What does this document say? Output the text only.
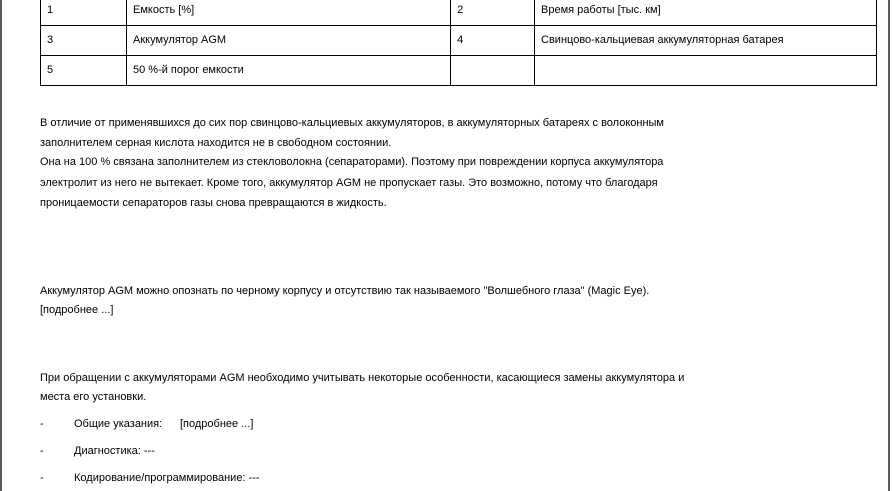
1	Емкость [%]	2	Время работы [тыс. км]
3	Аккумулятор AGM	4	Свинцово-кальциевая аккумуляторная батарея
5	50 %-й порог емкости		
В отличие от применявшихся до сих пор свинцово-кальциевых аккумуляторов, в аккумуляторных батареях с волоконным
заполнителем серная кислота находится не в свободном состоянии.
Она на 100 % связана заполнителем из стекловолокна (сепараторами). Поэтому при повреждении корпуса аккумулятора
электролит из него не вытекает. Кроме того, аккумулятор AGM не пропускает газы. Это возможно, потому что благодаря
проницаемости сепараторов газы снова превращаются в жидкость.
Аккумулятор AGM можно опознать по черному корпусу и отсутствию так называемого "Волшебного глаза" (Magic Eye).
[подробнее ...]
При обращении с аккумуляторами AGM необходимо учитывать некоторые особенности, касающиеся замены аккумулятора и
места его установки.
-	Общие указания: [подробнее ...]
-	Диагностика: ---
-	Кодирование/программирование: ---
